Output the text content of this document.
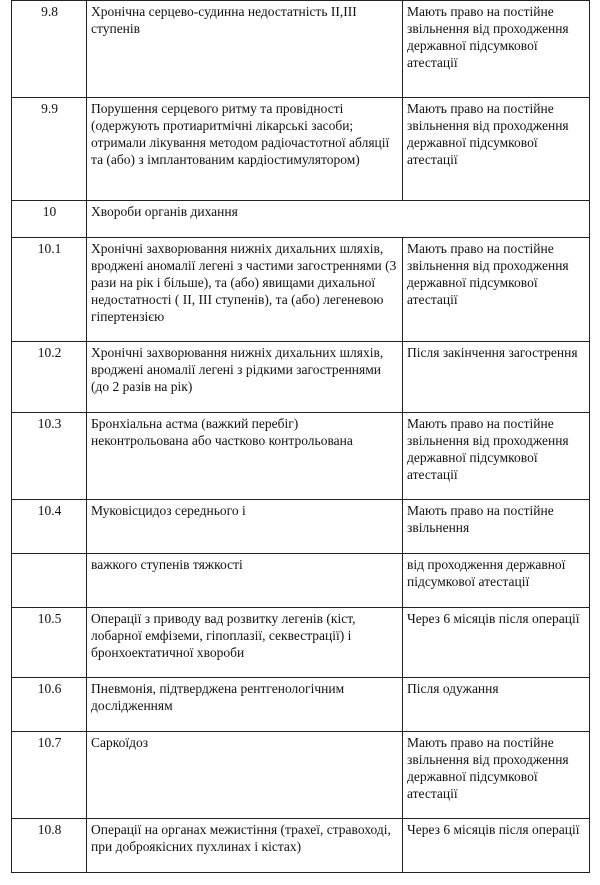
9.8	Хронічна серцево-судинна недостатність ІІ,ІІІ ступенів	Мають право на постійне звільнення від проходження державної підсумкової атестації
9.9	Порушення серцевого ритму та провідності (одержують протиаритмічні лікарські засоби; отримали лікування методом радіочастотної абляції та (або) з імплантованим кардіостимулятором)	Мають право на постійне звільнення від проходження державної підсумкової атестації
10	Хвороби органів дихання	
10.1	Хронічні захворювання нижніх дихальних шляхів, вроджені аномалії легені з частими загостреннями (3 рази на рік і більше), та (або) явищами дихальної недостатності ( ІІ, ІІІ ступенів), та (або) легеневою гіпертензією	Мають право на постійне звільнення від проходження державної підсумкової атестації
10.2	Хронічні захворювання нижніх дихальних шляхів, вроджені аномалії легені з рідкими загостреннями (до 2 разів на рік)	Після закінчення загострення
10.3	Бронхіальна астма (важкий перебіг) неконтрольована або частково контрольована	Мають право на постійне звільнення від проходження державної підсумкової атестації
10.4	Муковісцидоз середнього і	Мають право на постійне звільнення
	важкого ступенів тяжкості	від проходження державної підсумкової атестації
10.5	Операції з приводу вад розвитку легенів (кіст, лобарної емфіземи, гіпоплазії, секвестрації) і бронхоектатичної хвороби	Через 6 місяців після операції
10.6	Пневмонія, підтверджена рентгенологічним дослідженням	Після одужання
10.7	Саркоїдоз	Мають право на постійне звільнення від проходження державної підсумкової атестації
10.8	Операції на органах межистіння (трахеї, стравоході, при доброякісних пухлинах і кістах)	Через 6 місяців після операції
